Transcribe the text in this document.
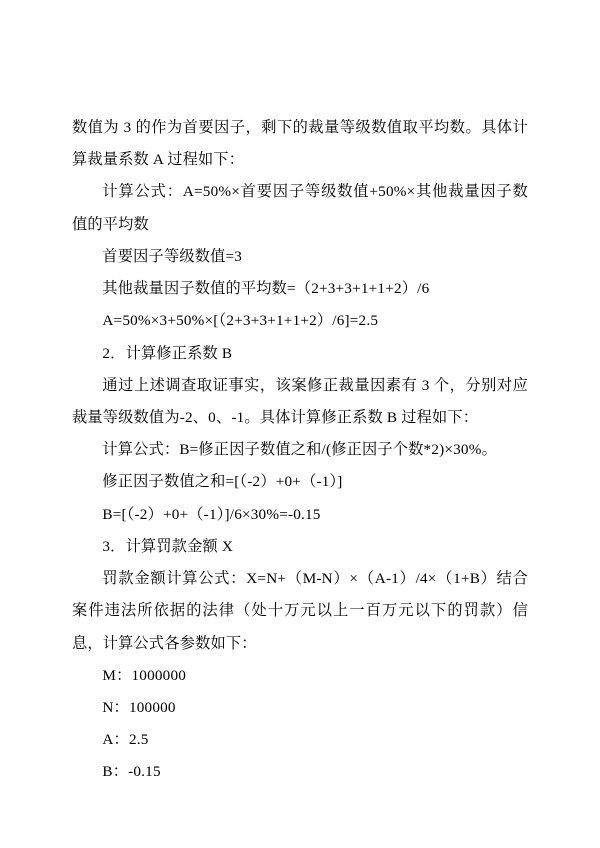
数值为 3 的作为首要因子，剩下的裁量等级数值取平均数。具体计算裁量系数 A 过程如下：

计算公式：A=50%×首要因子等级数值+50%×其他裁量因子数值的平均数

首要因子等级数值=3

其他裁量因子数值的平均数=（2+3+3+1+1+2）/6

A=50%×3+50%×[（2+3+3+1+1+2）/6]=2.5

2．计算修正系数 B

通过上述调查取证事实，该案修正裁量因素有 3 个，分别对应裁量等级数值为-2、0、-1。具体计算修正系数 B 过程如下：

计算公式：B=修正因子数值之和/(修正因子个数*2)×30%。

修正因子数值之和=[（-2）+0+（-1）]

B=[（-2）+0+（-1）]/6×30%=-0.15

3．计算罚款金额 X

罚款金额计算公式：X=N+（M-N）×（A-1）/4×（1+B）结合案件违法所依据的法律（处十万元以上一百万元以下的罚款）信息，计算公式各参数如下：

M：1000000

N：100000

A：2.5

B：-0.15
